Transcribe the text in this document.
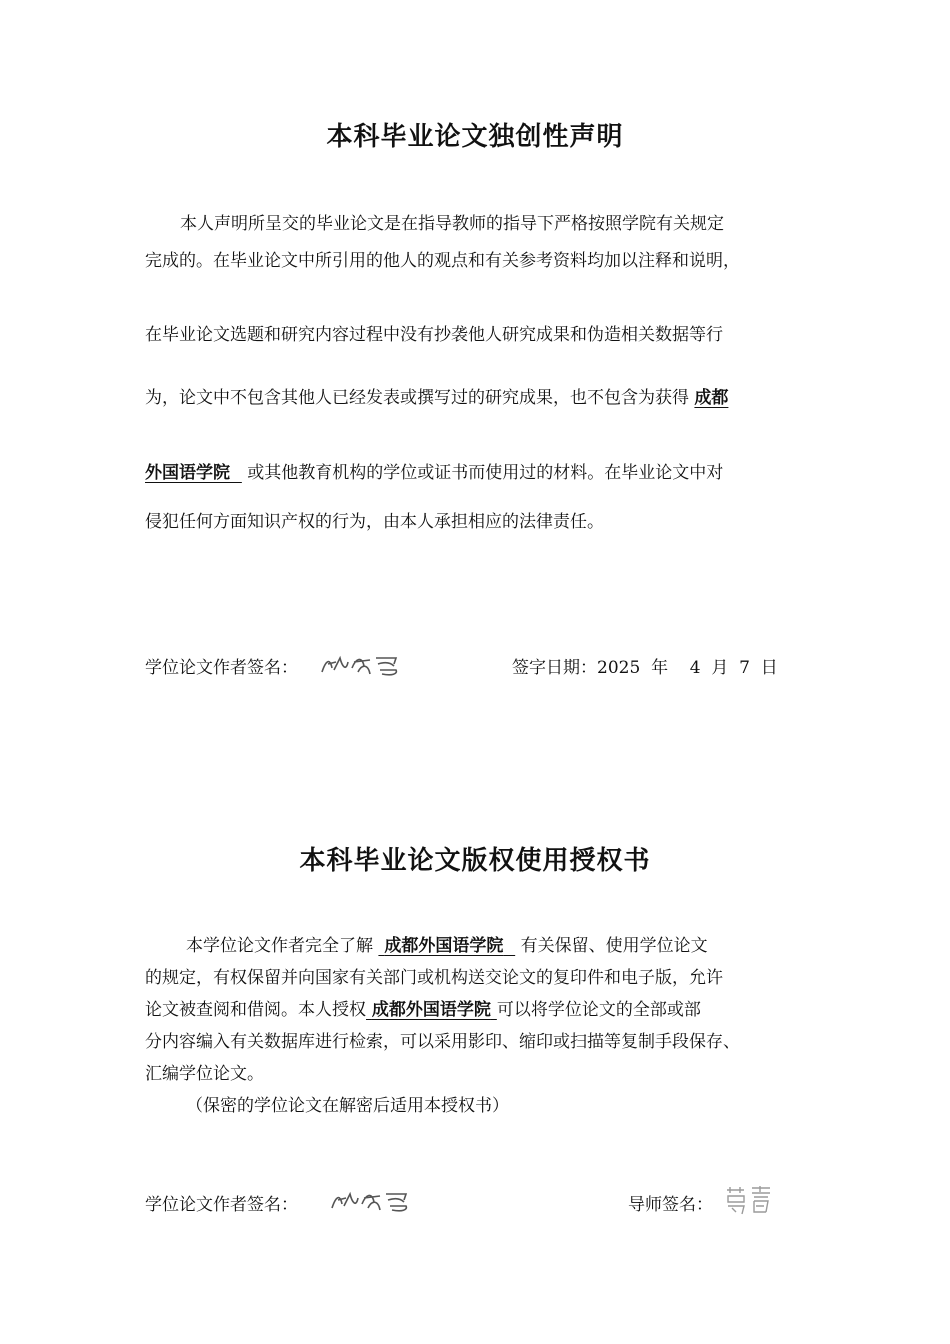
本科毕业论文独创性声明
本人声明所呈交的毕业论文是在指导教师的指导下严格按照学院有关规定
完成的。在毕业论文中所引用的他人的观点和有关参考资料均加以注释和说明，
在毕业论文选题和研究内容过程中没有抄袭他人研究成果和伪造相关数据等行
为，论文中不包含其他人已经发表或撰写过的研究成果，也不包含为获得 成都
外国语学院 或其他教育机构的学位或证书而使用过的材料。在毕业论文中对
侵犯任何方面知识产权的行为，由本人承担相应的法律责任。
学位论文作者签名：	签字日期：2025 年 4 月 7 日
本科毕业论文版权使用授权书
本学位论文作者完全了解  成都外国语学院   有关保留、使用学位论文
的规定，有权保留并向国家有关部门或机构送交论文的复印件和电子版，允许
论文被查阅和借阅。本人授权 成都外国语学院 可以将学位论文的全部或部
分内容编入有关数据库进行检索，可以采用影印、缩印或扫描等复制手段保存、
汇编学位论文。
（保密的学位论文在解密后适用本授权书）
学位论文作者签名：	导师签名：
